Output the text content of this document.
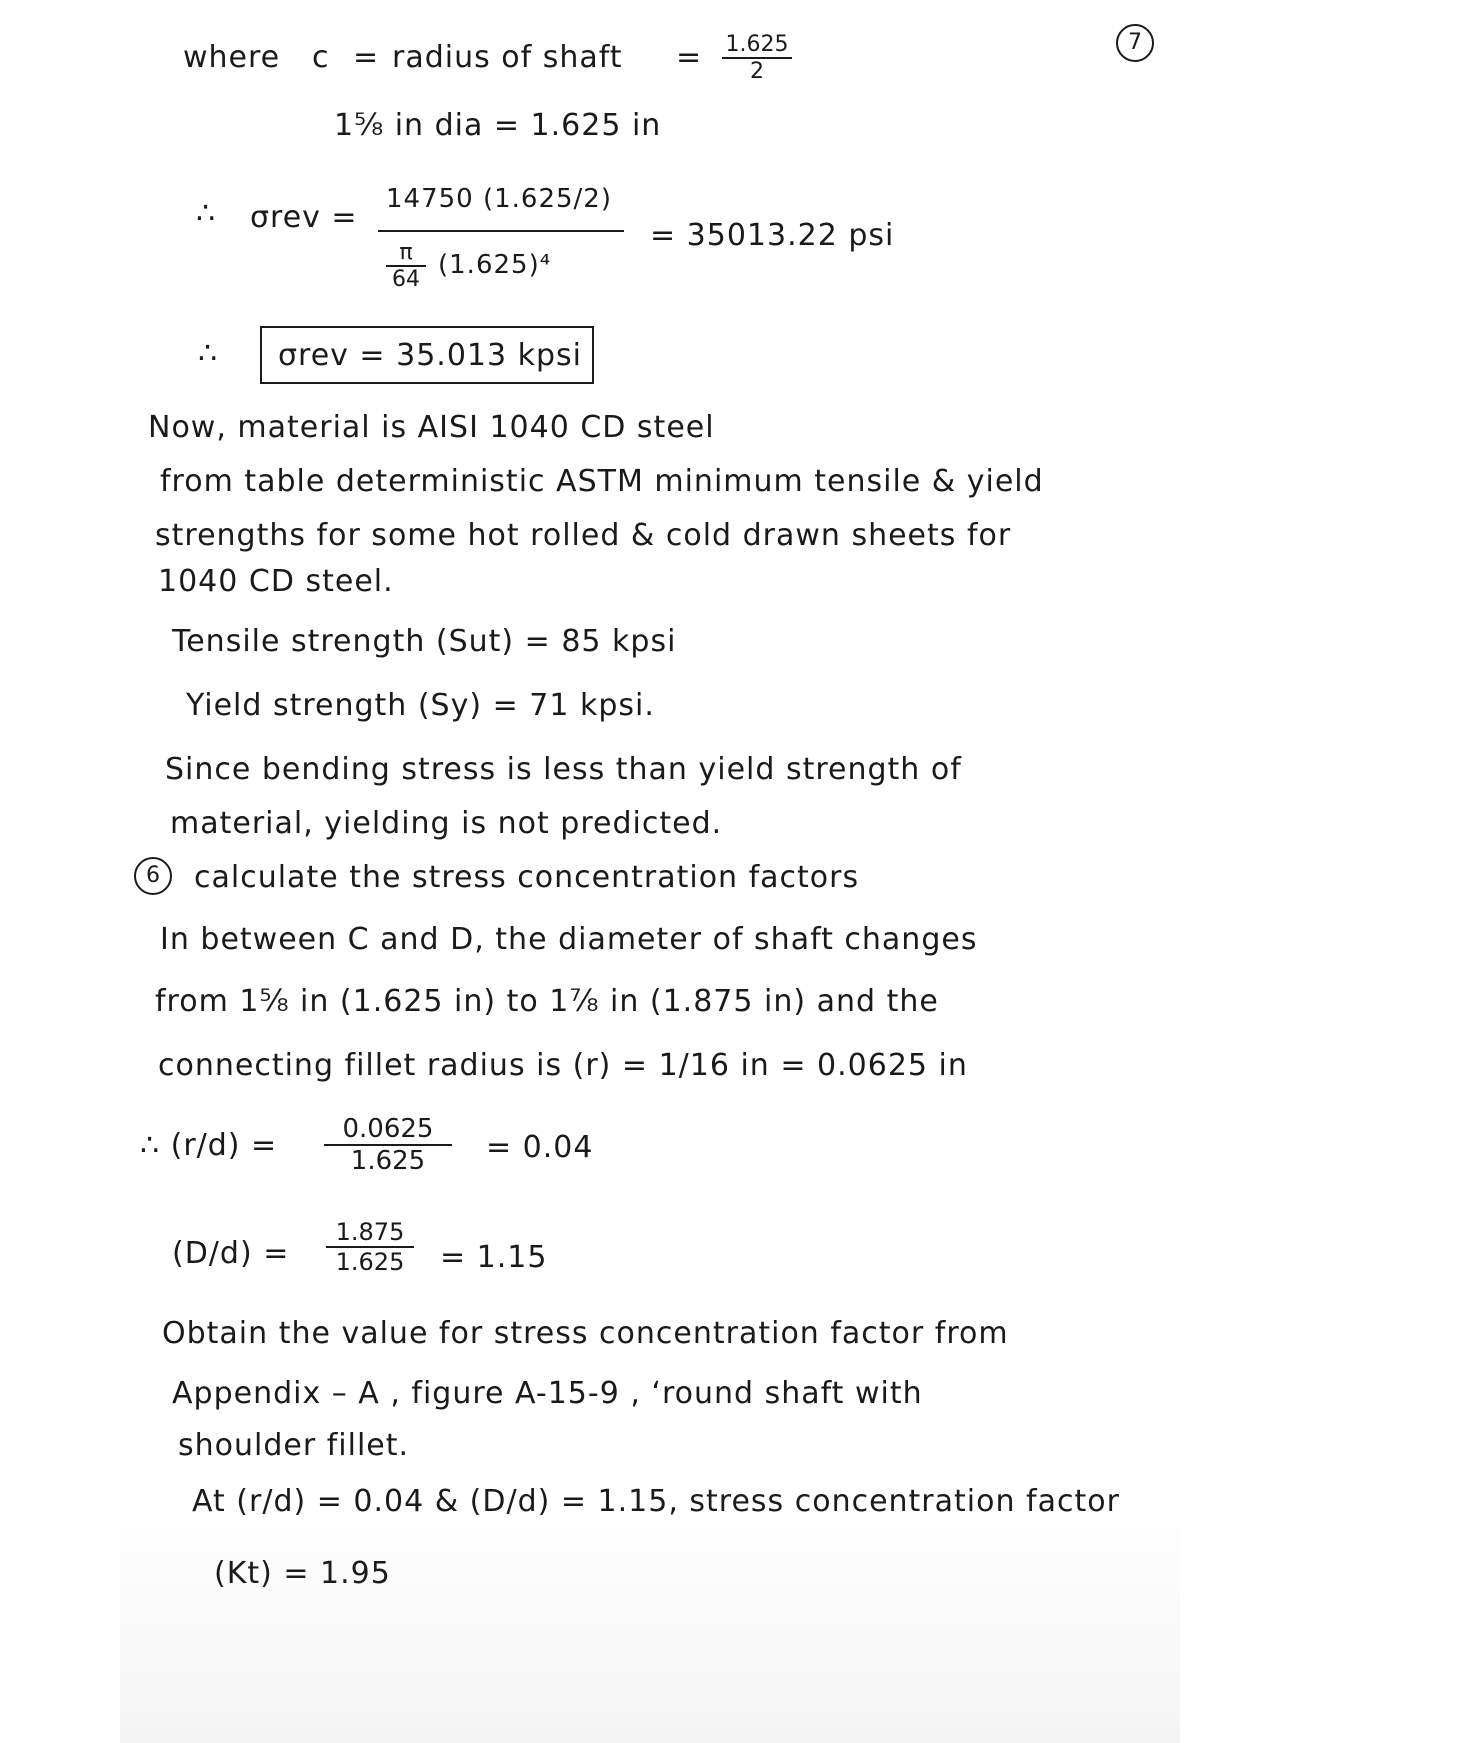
7
where c = radius of shaft = $\frac{1.625}{2}$
1⅝ in dia = 1.625 in
∴ σrev =
14750 (1.625/2)
$\frac{\pi}{64} (1.625)^4$
= 35013.22 psi
∴ σrev = 35.013 kpsi
Now, material is AISI 1040 CD steel
from table deterministic ASTM minimum tensile & yield
strengths for some hot rolled & cold drawn sheets for
1040 CD steel.
Tensile strength (Sut) = 85 kpsi
Yield strength (Sy) = 71 kpsi.
Since bending stress is less than yield strength of
material, yielding is not predicted.
6	calculate the stress concentration factors
In between C and D, the diameter of shaft changes
from 1⅝ in (1.625 in) to 1⅞ in (1.875 in) and the
connecting fillet radius is (r) = 1/16 in = 0.0625 in
∴ $(r/d) = \frac{0.0625}{1.625} = 0.04$
$(D/d) = \frac{1.875}{1.625} = 1.15$
Obtain the value for stress concentration factor from
Appendix – A , figure A-15-9 , ‘round shaft with
shoulder fillet.
At (r/d) = 0.04 & (D/d) = 1.15, stress concentration factor
(Kt) = 1.95
